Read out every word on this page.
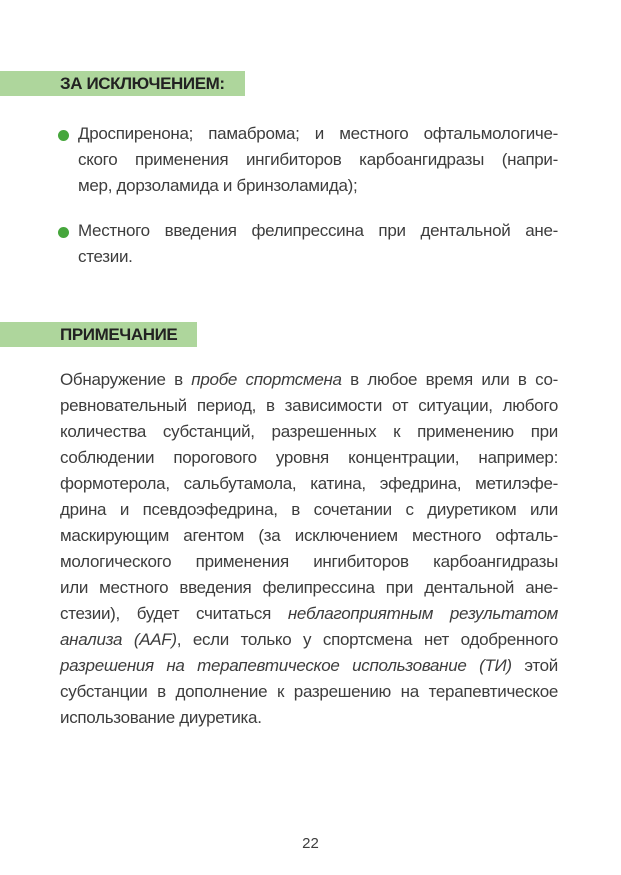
ЗА ИСКЛЮЧЕНИЕМ:
Дроспиренона; памаброма; и местного офтальмологиче-
ского применения ингибиторов карбоангидразы (напри-
мер, дорзоламида и бринзоламида);
Местного введения фелипрессина при дентальной ане-
стезии.
ПРИМЕЧАНИЕ
Обнаружение в пробе спортсмена в любое время или в со-
ревновательный период, в зависимости от ситуации, любого
количества субстанций, разрешенных к применению при
соблюдении порогового уровня концентрации, например:
формотерола, сальбутамола, катина, эфедрина, метилэфе-
дрина и псевдоэфедрина, в сочетании с диуретиком или
маскирующим агентом (за исключением местного офталь-
мологического применения ингибиторов карбоангидразы
или местного введения фелипрессина при дентальной ане-
стезии), будет считаться неблагоприятным результатом
анализа (AAF), если только у спортсмена нет одобренного
разрешения на терапевтическое использование (ТИ) этой
субстанции в дополнение к разрешению на терапевтическое
использование диуретика.
22
